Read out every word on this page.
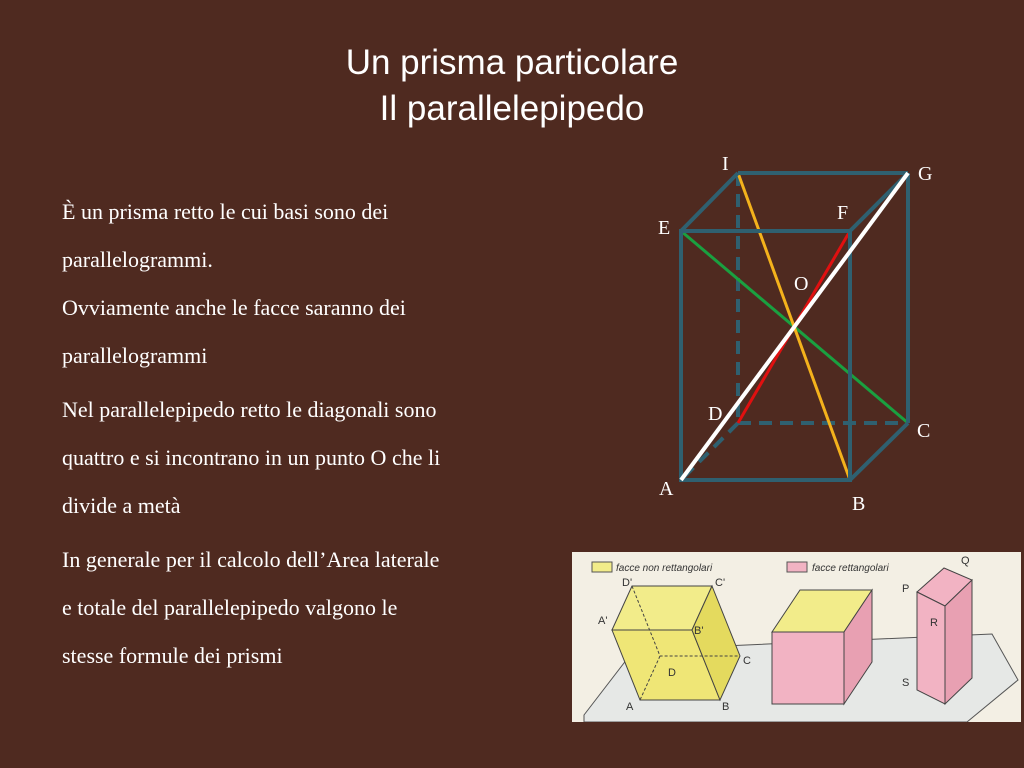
Un prisma particolare
Il parallelepipedo

È un prisma retto le cui basi sono dei

parallelogrammi.

Ovviamente anche le facce saranno dei

parallelogrammi

Nel parallelepipedo retto le diagonali sono

quattro e si incontrano in un punto O che li

divide a metà

In generale per il calcolo dell’Area laterale

e totale del parallelepipedo valgono le

stesse formule dei prismi

I	G
E
F
O
D
C
A
B
facce non rettangolari	facce rettangolari
D'	C'
A'
B'
C
D
A	B
P
Q
R
S
